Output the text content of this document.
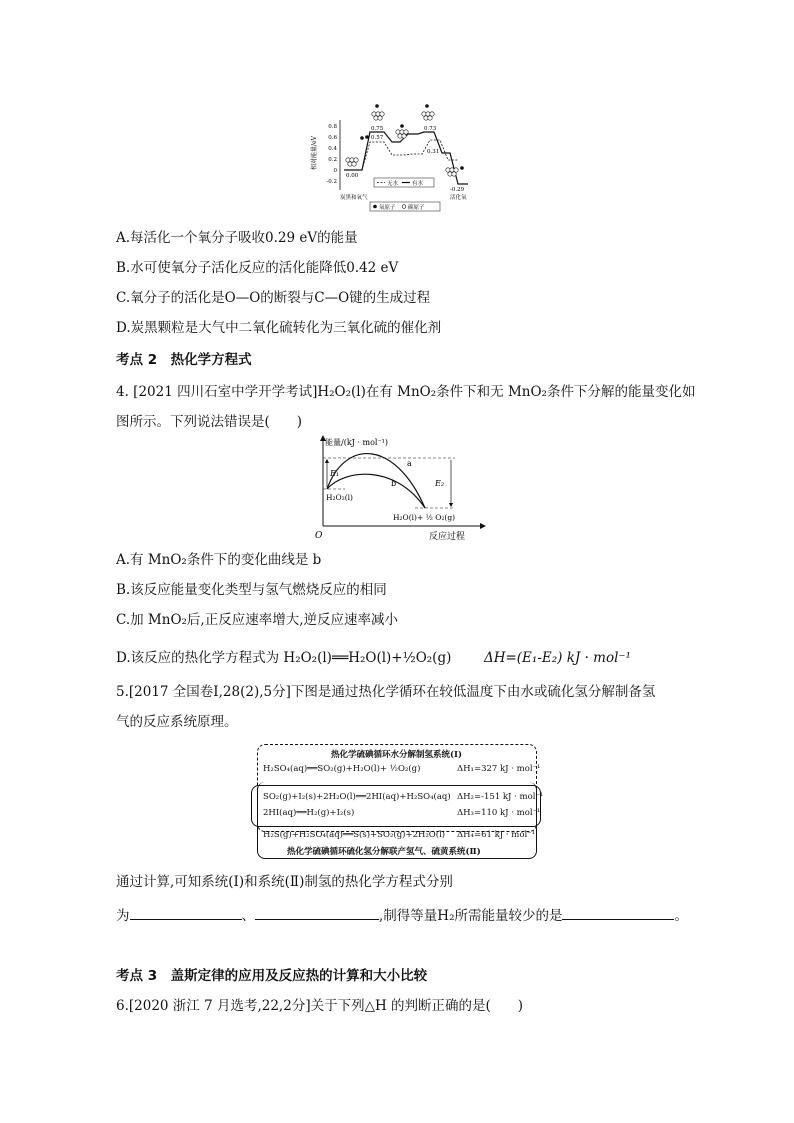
相对能量/eV
0.8
0.6
0.4
0.2
0
-0.2
0.00
0.75
0.57
0.73
0.31
-0.29
无水	有水
炭黑和氧气	活化氧
氧原子 碳原子
A.每活化一个氧分子吸收0.29 eV的能量
B.水可使氧分子活化反应的活化能降低0.42 eV
C.氧分子的活化是O—O的断裂与C—O键的生成过程
D.炭黑颗粒是大气中二氧化硫转化为三氧化硫的催化剂
考点 2　热化学方程式
4. [2021 四川石室中学开学考试]H₂O₂(l)在有 MnO₂条件下和无 MnO₂条件下分解的能量变化如
图所示。下列说法错误是(　　)
能量/(kJ · mol⁻¹)
O	反应过程
a
b
E₁
E₂
H₂O₂(l)
H₂O(l)+ ½ O₂(g)
A.有 MnO₂条件下的变化曲线是 b
B.该反应能量变化类型与氢气燃烧反应的相同
C.加 MnO₂后,正反应速率增大,逆反应速率减小
D.该反应的热化学方程式为 H₂O₂(l)══H₂O(l)+½O₂(g) ΔH=(E₁-E₂) kJ · mol⁻¹
5.[2017 全国卷Ⅰ,28(2),5分]下图是通过热化学循环在较低温度下由水或硫化氢分解制备氢
气的反应系统原理。
热化学硫碘循环水分解制氢系统(Ⅰ)
H₂SO₄(aq)══SO₂(g)+H₂O(l)+ ½O₂(g)	ΔH₁=327 kJ · mol⁻¹
SO₂(g)+I₂(s)+2H₂O(l)══2HI(aq)+H₂SO₄(aq) ΔH₂=-151 kJ · mol⁻¹
2HI(aq)══H₂(g)+I₂(s)	ΔH₃=110 kJ · mol⁻¹
H₂S(g)+H₂SO₄(aq)══S(s)+SO₂(g)+2H₂O(l) ΔH₄=61 kJ · mol⁻¹
热化学硫碘循环硫化氢分解联产氢气、硫黄系统(Ⅱ)
通过计算,可知系统(Ⅰ)和系统(Ⅱ)制氢的热化学方程式分别
为	、	,制得等量H₂所需能量较少的是	。
考点 3　盖斯定律的应用及反应热的计算和大小比较
6.[2020 浙江 7 月选考,22,2分]关于下列△H 的判断正确的是(　　)
